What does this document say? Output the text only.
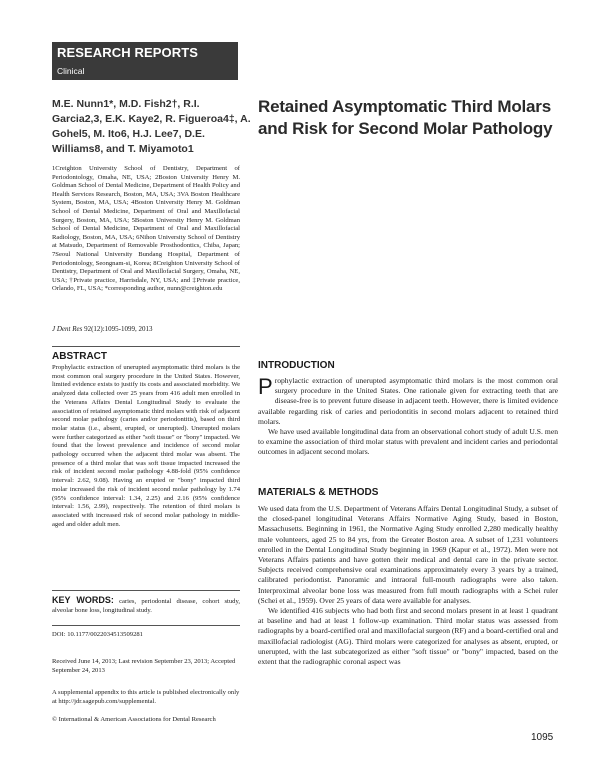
RESEARCH REPORTS
Clinical
M.E. Nunn1*, M.D. Fish2†, R.I. Garcia2,3, E.K. Kaye2, R. Figueroa4‡, A. Gohel5, M. Ito6, H.J. Lee7, D.E. Williams8, and T. Miyamoto1
Retained Asymptomatic Third Molars and Risk for Second Molar Pathology
1Creighton University School of Dentistry, Department of Periodontology, Omaha, NE, USA; 2Boston University Henry M. Goldman School of Dental Medicine, Department of Health Policy and Health Services Research, Boston, MA, USA; 3VA Boston Healthcare System, Boston, MA, USA; 4Boston University Henry M. Goldman School of Dental Medicine, Department of Oral and Maxillofacial Surgery, Boston, MA, USA; 5Boston University Henry M. Goldman School of Dental Medicine, Department of Oral and Maxillofacial Radiology, Boston, MA, USA; 6Nihon University School of Dentistry at Matsudo, Department of Removable Prosthodontics, Chiba, Japan; 7Seoul National University Bundang Hospital, Department of Periodontology, Seongnam-si, Korea; 8Creighton University School of Dentistry, Department of Oral and Maxillofacial Surgery, Omaha, NE, USA; †Private practice, Harrisdale, NY, USA; and ‡Private practice, Orlando, FL, USA; *corresponding author, nunn@creighton.edu
J Dent Res 92(12):1095-1099, 2013
ABSTRACT
Prophylactic extraction of unerupted asymptomatic third molars is the most common oral surgery procedure in the United States. However, limited evidence exists to justify its costs and associated morbidity. We analyzed data collected over 25 years from 416 adult men enrolled in the Veterans Affairs Dental Longitudinal Study to evaluate the association of retained asymptomatic third molars with risk of adjacent second molar pathology (caries and/or periodontitis), based on third molar status (i.e., absent, erupted, or unerupted). Unerupted molars were further categorized as either "soft tissue" or "bony" impacted. We found that the lowest prevalence and incidence of second molar pathology occurred when the adjacent third molar was absent. The presence of a third molar that was soft tissue impacted increased the risk of incident second molar pathology 4.88-fold (95% confidence interval: 2.62, 9.08). Having an erupted or "bony" impacted third molar increased the risk of incident second molar pathology by 1.74 (95% confidence interval: 1.34, 2.25) and 2.16 (95% confidence interval: 1.56, 2.99), respectively. The retention of third molars is associated with increased risk of second molar pathology in middle-aged and older adult men.
KEY WORDS: caries, periodontal disease, cohort study, alveolar bone loss, longitudinal study.
DOI: 10.1177/0022034513509281
Received June 14, 2013; Last revision September 23, 2013; Accepted September 24, 2013
A supplemental appendix to this article is published electronically only at http://jdr.sagepub.com/supplemental.
© International & American Associations for Dental Research
INTRODUCTION

Prophylactic extraction of unerupted asymptomatic third molars is the most common oral surgery procedure in the United States. One rationale given for extracting teeth that are disease-free is to prevent future disease in adjacent teeth. However, there is limited evidence available regarding risk of caries and periodontitis in second molars adjacent to retained third molars.

We have used available longitudinal data from an observational cohort study of adult U.S. men to examine the association of third molar status with prevalent and incident caries and periodontal outcomes in adjacent second molars.

MATERIALS & METHODS

We used data from the U.S. Department of Veterans Affairs Dental Longitudinal Study, a subset of the closed-panel longitudinal Veterans Affairs Normative Aging Study, based in Boston, Massachusetts. Beginning in 1961, the Normative Aging Study enrolled 2,280 medically healthy male volunteers, aged 25 to 84 yrs, from the Greater Boston area. A subset of 1,231 volunteers enrolled in the Dental Longitudinal Study beginning in 1969 (Kapur et al., 1972). Men were not Veterans Affairs patients and have gotten their medical and dental care in the private sector. Subjects received comprehensive oral examinations approximately every 3 years by a trained, calibrated periodontist. Panoramic and intraoral full-mouth radiographs were also taken. Interproximal alveolar bone loss was measured from full mouth radiographs with a Schei ruler (Schei et al., 1959). Over 25 years of data were available for analyses.

We identified 416 subjects who had both first and second molars present in at least 1 quadrant at baseline and had at least 1 follow-up examination. Third molar status was assessed from radiographs by a board-certified oral and maxillofacial surgeon (RF) and a board-certified oral and maxillofacial radiologist (AG). Third molars were categorized for analyses as absent, erupted, or unerupted, with the last subcategorized as either "soft tissue" or "bony" impacted, based on the extent that the radiographic coronal aspect was

1095
